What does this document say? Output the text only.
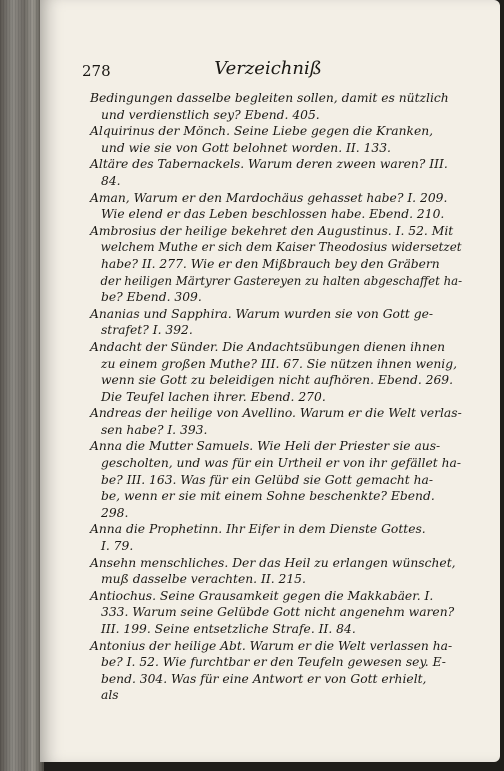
278	Verzeichniß
Bedingungen dasselbe begleiten sollen, damit es nützlich
und verdienstlich sey? Ebend. 405.
Alquirinus der Mönch. Seine Liebe gegen die Kranken,
und wie sie von Gott belohnet worden. II. 133.
Altäre des Tabernackels. Warum deren zween waren? III.
84.
Aman, Warum er den Mardochäus gehasset habe? I. 209.
Wie elend er das Leben beschlossen habe. Ebend. 210.
Ambrosius der heilige bekehret den Augustinus. I. 52. Mit
welchem Muthe er sich dem Kaiser Theodosius widersetzet
habe? II. 277. Wie er den Mißbrauch bey den Gräbern
der heiligen Märtyrer Gastereyen zu halten abgeschaffet ha-
be? Ebend. 309.
Ananias und Sapphira. Warum wurden sie von Gott ge-
strafet? I. 392.
Andacht der Sünder. Die Andachtsübungen dienen ihnen
zu einem großen Muthe? III. 67. Sie nützen ihnen wenig,
wenn sie Gott zu beleidigen nicht aufhören. Ebend. 269.
Die Teufel lachen ihrer. Ebend. 270.
Andreas der heilige von Avellino. Warum er die Welt verlas-
sen habe? I. 393.
Anna die Mutter Samuels. Wie Heli der Priester sie aus-
gescholten, und was für ein Urtheil er von ihr gefället ha-
be? III. 163. Was für ein Gelübd sie Gott gemacht ha-
be, wenn er sie mit einem Sohne beschenkte? Ebend.
298.
Anna die Prophetinn. Ihr Eifer in dem Dienste Gottes.
I. 79.
Ansehn menschliches. Der das Heil zu erlangen wünschet,
muß dasselbe verachten. II. 215.
Antiochus. Seine Grausamkeit gegen die Makkabäer. I.
333. Warum seine Gelübde Gott nicht angenehm waren?
III. 199. Seine entsetzliche Strafe. II. 84.
Antonius der heilige Abt. Warum er die Welt verlassen ha-
be? I. 52. Wie furchtbar er den Teufeln gewesen sey. E-
bend. 304. Was für eine Antwort er von Gott erhielt,
als
